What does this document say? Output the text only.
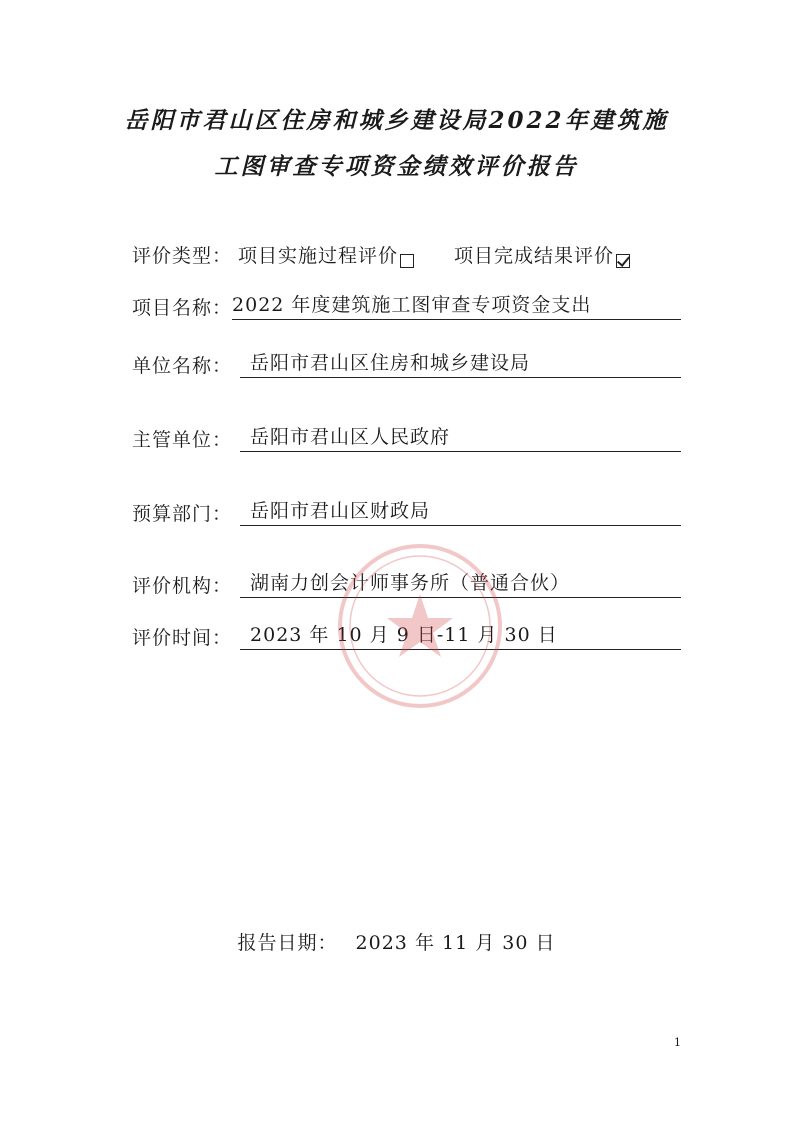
岳阳市君山区住房和城乡建设局2022年建筑施
工图审查专项资金绩效评价报告
评价类型： 项目实施过程评价	项目完成结果评价
项目名称： 2022 年度建筑施工图审查专项资金支出
单位名称： 岳阳市君山区住房和城乡建设局
主管单位： 岳阳市君山区人民政府
预算部门： 岳阳市君山区财政局
评价机构： 湖南力创会计师事务所（普通合伙）
评价时间： 2023 年 10 月 9 日-11 月 30 日
报告日期： 2023 年 11 月 30 日
1
